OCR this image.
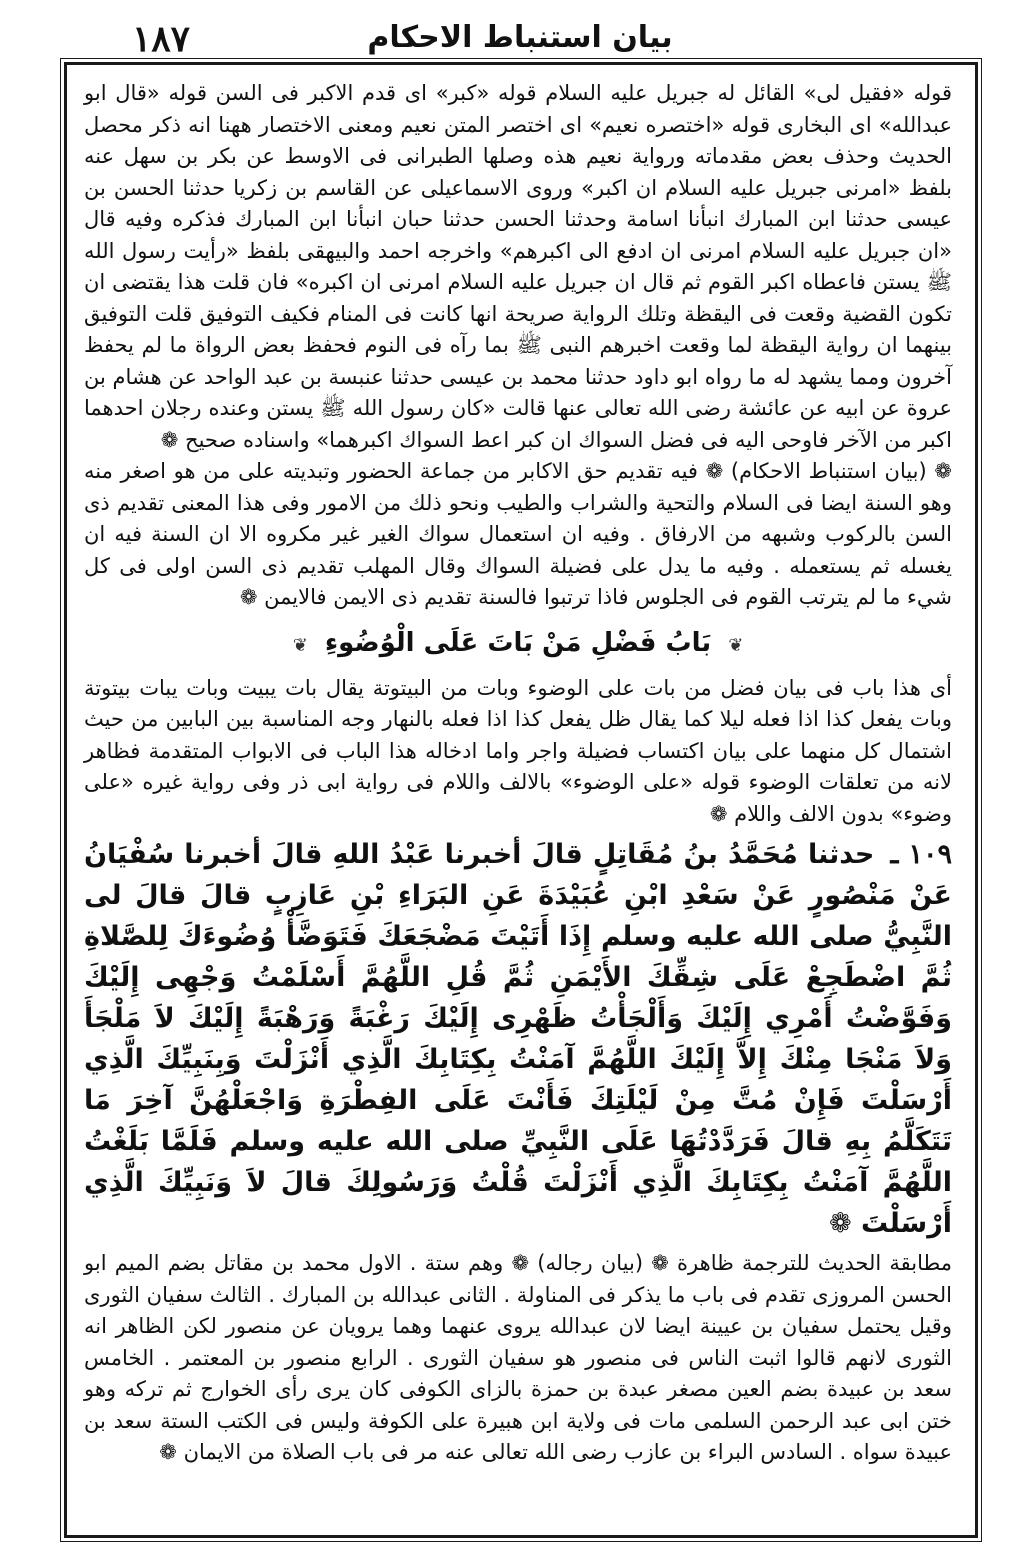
١٨٧	بيان استنباط الاحكام

قوله «فقيل لى» القائل له جبريل عليه السلام قوله «كبر» اى قدم الاكبر فى السن قوله «قال ابو عبدالله» اى البخارى قوله «اختصره نعيم» اى اختصر المتن نعيم ومعنى الاختصار ههنا انه ذكر محصل الحديث وحذف بعض مقدماته ورواية نعيم هذه وصلها الطبرانى فى الاوسط عن بكر بن سهل عنه بلفظ «امرنى جبريل عليه السلام ان اكبر» وروى الاسماعيلى عن القاسم بن زكريا حدثنا الحسن بن عيسى حدثنا ابن المبارك انبأنا اسامة وحدثنا الحسن حدثنا حبان انبأنا ابن المبارك فذكره وفيه قال «ان جبريل عليه السلام امرنى ان ادفع الى اكبرهم» واخرجه احمد والبيهقى بلفظ «رأيت رسول الله ﷺ يستن فاعطاه اكبر القوم ثم قال ان جبريل عليه السلام امرنى ان اكبره» فان قلت هذا يقتضى ان تكون القضية وقعت فى اليقظة وتلك الرواية صريحة انها كانت فى المنام فكيف التوفيق قلت التوفيق بينهما ان رواية اليقظة لما وقعت اخبرهم النبى ﷺ بما رآه فى النوم فحفظ بعض الرواة ما لم يحفظ آخرون ومما يشهد له ما رواه ابو داود حدثنا محمد بن عيسى حدثنا عنبسة بن عبد الواحد عن هشام بن عروة عن ابيه عن عائشة رضى الله تعالى عنها قالت «كان رسول الله ﷺ يستن وعنده رجلان احدهما اكبر من الآخر فاوحى اليه فى فضل السواك ان كبر اعط السواك اكبرهما» واسناده صحيح ❁

❁ (بيان استنباط الاحكام) ❁ فيه تقديم حق الاكابر من جماعة الحضور وتبديته على من هو اصغر منه وهو السنة ايضا فى السلام والتحية والشراب والطيب ونحو ذلك من الامور وفى هذا المعنى تقديم ذى السن بالركوب وشبهه من الارفاق . وفيه ان استعمال سواك الغير غير مكروه الا ان السنة فيه ان يغسله ثم يستعمله . وفيه ما يدل على فضيلة السواك وقال المهلب تقديم ذى السن اولى فى كل شيء ما لم يترتب القوم فى الجلوس فاذا ترتبوا فالسنة تقديم ذى الايمن فالايمن ❁

❦ بَابُ فَضْلِ مَنْ بَاتَ عَلَى الْوُضُوءِ ❦

أى هذا باب فى بيان فضل من بات على الوضوء وبات من البيتوتة يقال بات يبيت وبات يبات بيتوتة وبات يفعل كذا اذا فعله ليلا كما يقال ظل يفعل كذا اذا فعله بالنهار وجه المناسبة بين البابين من حيث اشتمال كل منهما على بيان اكتساب فضيلة واجر واما ادخاله هذا الباب فى الابواب المتقدمة فظاهر لانه من تعلقات الوضوء قوله «على الوضوء» بالالف واللام فى رواية ابى ذر وفى رواية غيره «على وضوء» بدون الالف واللام ❁

١٠٩ ـ حدثنا مُحَمَّدُ بنُ مُقَاتِلٍ قالَ أخبرنا عَبْدُ اللهِ قالَ أخبرنا سُفْيَانُ عَنْ مَنْصُورٍ عَنْ سَعْدِ ابْنِ عُبَيْدَةَ عَنِ البَرَاءِ بْنِ عَازِبٍ قالَ قالَ لى النَّبِيُّ صلى الله عليه وسلم إِذَا أَتَيْتَ مَضْجَعَكَ فَتَوَضَّأْ وُضُوءَكَ لِلصَّلاةِ ثُمَّ اضْطَجِعْ عَلَى شِقِّكَ الأَيْمَنِ ثُمَّ قُلِ اللَّهُمَّ أَسْلَمْتُ وَجْهِى إِلَيْكَ وَفَوَّضْتُ أَمْرِي إِلَيْكَ وَأَلْجَأْتُ ظَهْرِى إِلَيْكَ رَغْبَةً وَرَهْبَةً إِلَيْكَ لاَ مَلْجَأَ وَلاَ مَنْجَا مِنْكَ إِلاَّ إِلَيْكَ اللَّهُمَّ آمَنْتُ بِكِتَابِكَ الَّذِي أَنْزَلْتَ وَبِنَبِيِّكَ الَّذِي أَرْسَلْتَ فَإِنْ مُتَّ مِنْ لَيْلَتِكَ فَأَنْتَ عَلَى الفِطْرَةِ وَاجْعَلْهُنَّ آخِرَ مَا تَتَكَلَّمُ بِهِ قالَ فَرَدَّدْتُهَا عَلَى النَّبِيِّ صلى الله عليه وسلم فَلَمَّا بَلَغْتُ اللَّهُمَّ آمَنْتُ بِكِتَابِكَ الَّذِي أَنْزَلْتَ قُلْتُ وَرَسُولِكَ قالَ لاَ وَنَبِيِّكَ الَّذِي أَرْسَلْتَ ❁

مطابقة الحديث للترجمة ظاهرة ❁ (بيان رجاله) ❁ وهم ستة . الاول محمد بن مقاتل بضم الميم ابو الحسن المروزى تقدم فى باب ما يذكر فى المناولة . الثانى عبدالله بن المبارك . الثالث سفيان الثورى وقيل يحتمل سفيان بن عيينة ايضا لان عبدالله يروى عنهما وهما يرويان عن منصور لكن الظاهر انه الثورى لانهم قالوا اثبت الناس فى منصور هو سفيان الثورى . الرابع منصور بن المعتمر . الخامس سعد بن عبيدة بضم العين مصغر عبدة بن حمزة بالزاى الكوفى كان يرى رأى الخوارج ثم تركه وهو ختن ابى عبد الرحمن السلمى مات فى ولاية ابن هبيرة على الكوفة وليس فى الكتب الستة سعد بن عبيدة سواه . السادس البراء بن عازب رضى الله تعالى عنه مر فى باب الصلاة من الايمان ❁
